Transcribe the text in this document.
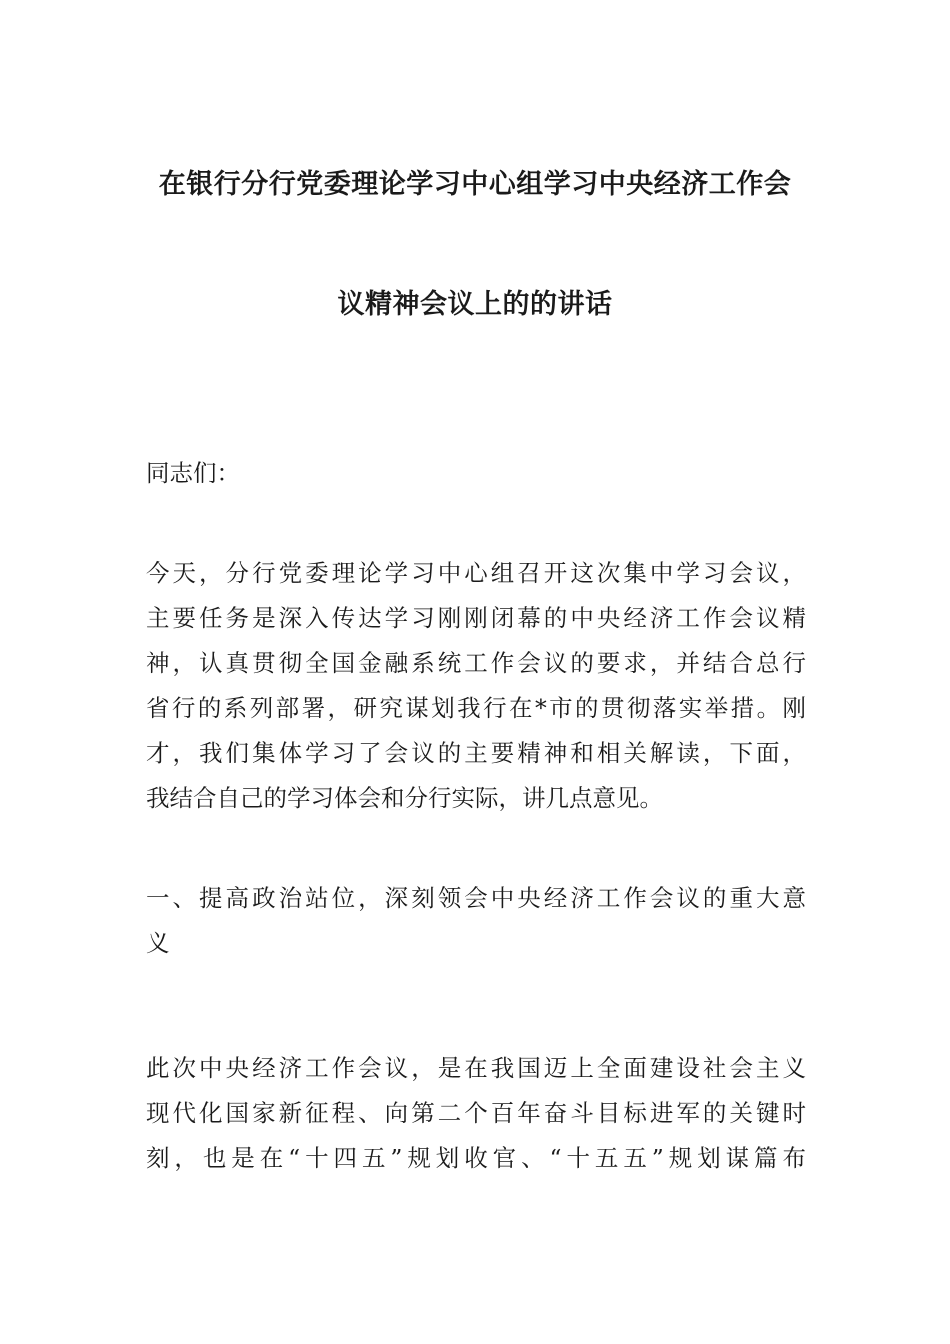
在银行分行党委理论学习中心组学习中央经济工作会
议精神会议上的的讲话
同志们：
今天，分行党委理论学习中心组召开这次集中学习会议，
主要任务是深入传达学习刚刚闭幕的中央经济工作会议精
神，认真贯彻全国金融系统工作会议的要求，并结合总行
省行的系列部署，研究谋划我行在*市的贯彻落实举措。刚
才，我们集体学习了会议的主要精神和相关解读，下面，
我结合自己的学习体会和分行实际，讲几点意见。
一、提高政治站位，深刻领会中央经济工作会议的重大意
义
此次中央经济工作会议，是在我国迈上全面建设社会主义
现代化国家新征程、向第二个百年奋斗目标进军的关键时
刻，也是在“十四五”规划收官、“十五五”规划谋篇布
